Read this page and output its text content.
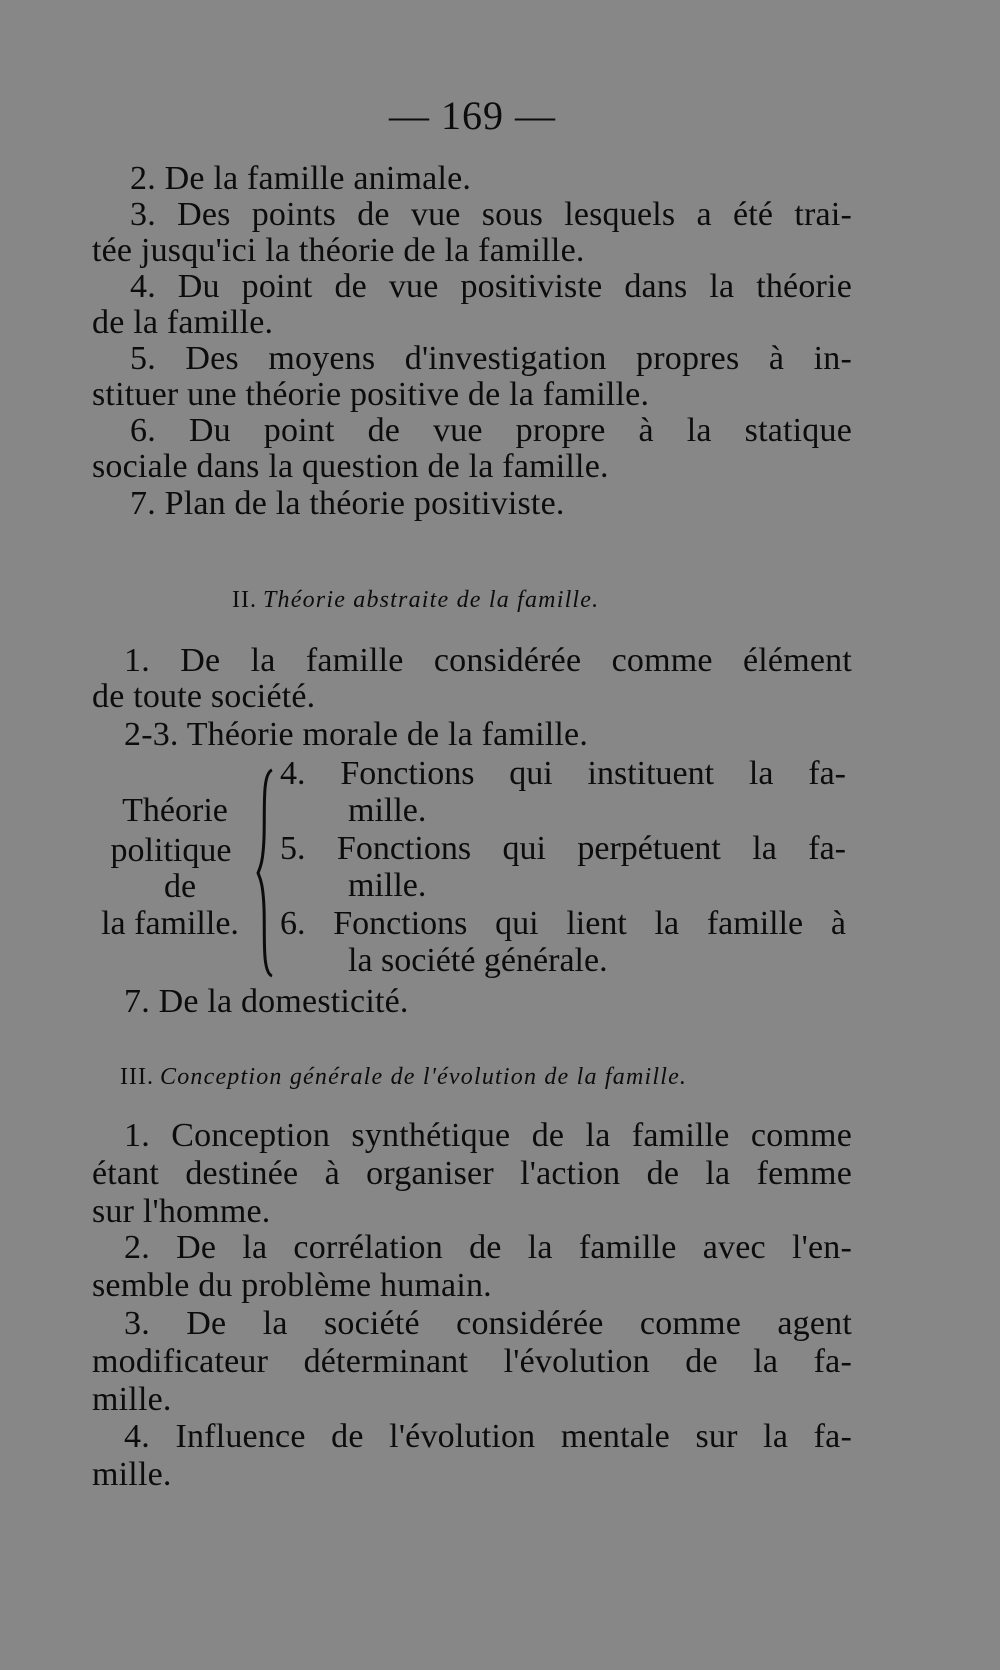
— 169 —
2. De la famille animale.
3. Des points de vue sous lesquels a été trai-
tée jusqu'ici la théorie de la famille.
4. Du point de vue positiviste dans la théorie
de la famille.
5. Des moyens d'investigation propres à in-
stituer une théorie positive de la famille.
6. Du point de vue propre à la statique
sociale dans la question de la famille.
7. Plan de la théorie positiviste.
II. Théorie abstraite de la famille.
1. De la famille considérée comme élément
de toute société.
2-3. Théorie morale de la famille.
Théorie
politique
de
la famille.
4. Fonctions qui instituent la fa-
mille.
5. Fonctions qui perpétuent la fa-
mille.
6. Fonctions qui lient la famille à
la société générale.
7. De la domesticité.
III. Conception générale de l'évolution de la famille.
1. Conception synthétique de la famille comme
étant destinée à organiser l'action de la femme
sur l'homme.
2. De la corrélation de la famille avec l'en-
semble du problème humain.
3. De la société considérée comme agent
modificateur déterminant l'évolution de la fa-
mille.
4. Influence de l'évolution mentale sur la fa-
mille.
